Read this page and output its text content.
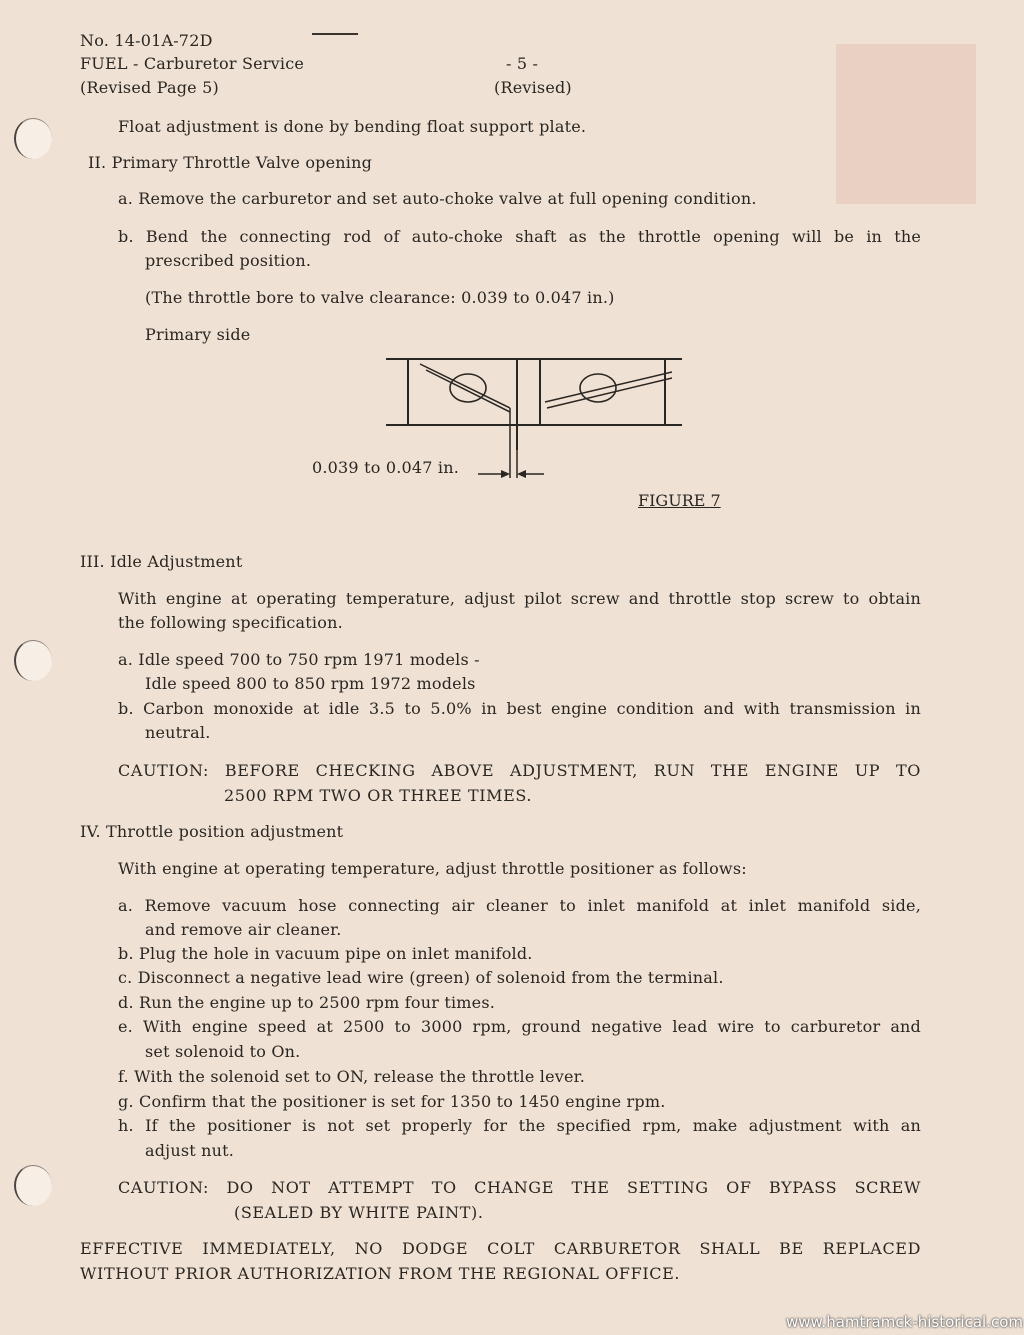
No. 14-01A-72D
FUEL - Carburetor Service
(Revised Page 5)
- 5 -
(Revised)
Float adjustment is done by bending float support plate.
II. Primary Throttle Valve opening
a. Remove the carburetor and set auto-choke valve at full opening condition.
b. Bend the connecting rod of auto-choke shaft as the throttle opening will be in the
prescribed position.
(The throttle bore to valve clearance: 0.039 to 0.047 in.)
Primary side
0.039 to 0.047 in.
FIGURE 7
III. Idle Adjustment
With engine at operating temperature, adjust pilot screw and throttle stop screw to obtain
the following specification.
a. Idle speed 700 to 750 rpm 1971 models -
Idle speed 800 to 850 rpm 1972 models
b. Carbon monoxide at idle 3.5 to 5.0% in best engine condition and with transmission in
neutral.
CAUTION: BEFORE CHECKING ABOVE ADJUSTMENT, RUN THE ENGINE UP TO
2500 RPM TWO OR THREE TIMES.
IV. Throttle position adjustment
With engine at operating temperature, adjust throttle positioner as follows:
a. Remove vacuum hose connecting air cleaner to inlet manifold at inlet manifold side,
and remove air cleaner.
b. Plug the hole in vacuum pipe on inlet manifold.
c. Disconnect a negative lead wire (green) of solenoid from the terminal.
d. Run the engine up to 2500 rpm four times.
e. With engine speed at 2500 to 3000 rpm, ground negative lead wire to carburetor and
set solenoid to On.
f. With the solenoid set to ON, release the throttle lever.
g. Confirm that the positioner is set for 1350 to 1450 engine rpm.
h. If the positioner is not set properly for the specified rpm, make adjustment with an
adjust nut.
CAUTION: DO NOT ATTEMPT TO CHANGE THE SETTING OF BYPASS SCREW
(SEALED BY WHITE PAINT).
EFFECTIVE IMMEDIATELY, NO DODGE COLT CARBURETOR SHALL BE REPLACED
WITHOUT PRIOR AUTHORIZATION FROM THE REGIONAL OFFICE.
www.hamtramck-historical.com
